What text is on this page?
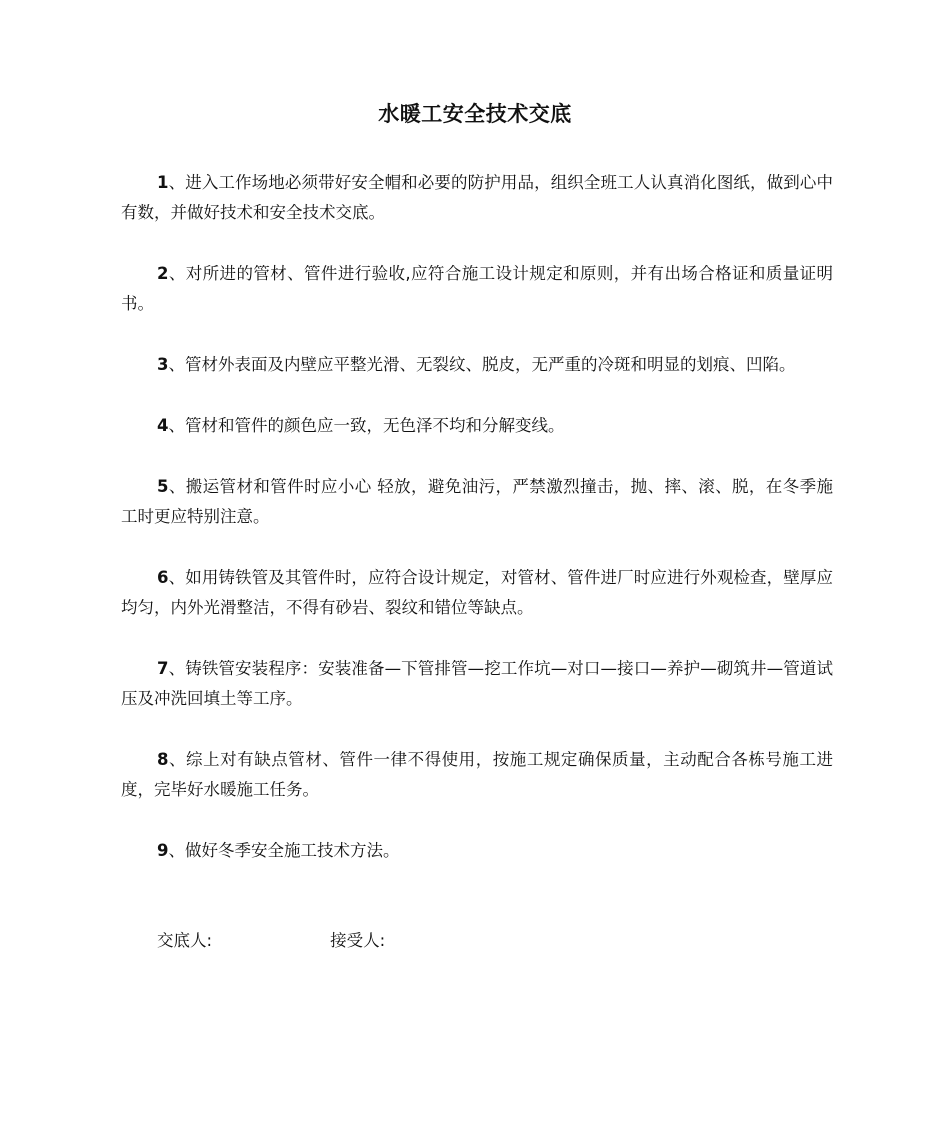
水暖工安全技术交底

1、进入工作场地必须带好安全帽和必要的防护用品，组织全班工人认真消化图纸，做到心中有数，并做好技术和安全技术交底。

2、对所进的管材、管件进行验收,应符合施工设计规定和原则，并有出场合格证和质量证明书。

3、管材外表面及内壁应平整光滑、无裂纹、脱皮，无严重的冷斑和明显的划痕、凹陷。

4、管材和管件的颜色应一致，无色泽不均和分解变线。

5、搬运管材和管件时应小心 轻放，避免油污，严禁激烈撞击，抛、摔、滚、脱，在冬季施工时更应特别注意。

6、如用铸铁管及其管件时，应符合设计规定，对管材、管件进厂时应进行外观检查，壁厚应均匀，内外光滑整洁，不得有砂岩、裂纹和错位等缺点。

7、铸铁管安装程序：安装准备—下管排管—挖工作坑—对口—接口—养护—砌筑井—管道试压及冲洗回填土等工序。

8、综上对有缺点管材、管件一律不得使用，按施工规定确保质量，主动配合各栋号施工进度，完毕好水暖施工任务。

9、做好冬季安全施工技术方法。

交底人:	接受人:
